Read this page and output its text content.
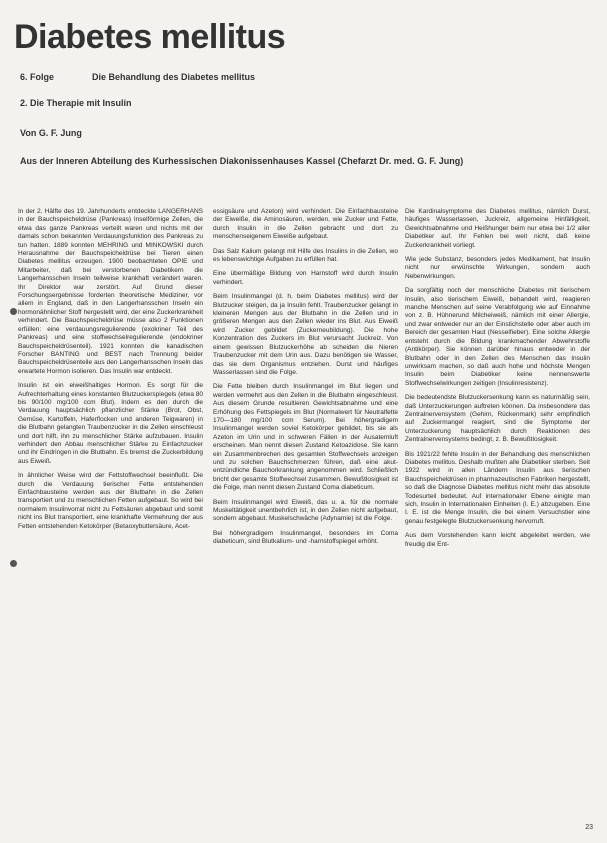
Diabetes mellitus
6. Folge	Die Behandlung des Diabetes mellitus
2. Die Therapie mit Insulin
Von G. F. Jung
Aus der Inneren Abteilung des Kurhessischen Diakonissenhauses Kassel (Chefarzt Dr. med. G. F. Jung)

In der 2. Hälfte des 19. Jahrhunderts entdeckte LANGERHANS in der Bauchspeicheldrüse (Pankreas) Inselförmige Zellen, die etwa das ganze Pankreas verteilt waren und nichts mit der damals schon bekannten Verdauungsfunktion des Pankreas zu tun hatten. 1889 konnten MEHRING und MINKOWSKI durch Herausnahme der Bauchspeicheldrüse bei Tieren einen Diabetes mellitus erzeugen. 1900 beobachteten OPIE und Mitarbeiter, daß bei verstorbenen Diabetikern die Langerhansschen Inseln teilweise krankhaft verändert waren. Ihr Direktor war zerstört. Auf Grund dieser Forschungsergebnisse forderten theoretische Mediziner, vor allem in England, daß in den Langerhansschen Inseln ein hormonähnlicher Stoff hergestellt wird, der eine Zuckerkrankheit verhindert. Die Bauchspeicheldrüse müsse also 2 Funktionen erfüllen: eine verdauungsregulierende (exokriner Teil des Pankreas) und eine stoffwechselregulierende (endokriner Bauchspeicheldrüsenteil). 1921 konnten die kanadischen Forscher BANTING und BEST nach Trennung beider Bauchspeicheldrüsenteile aus den Langerhansschen Inseln das erwartete Hormon isolieren. Das Insulin war entdeckt.

Insulin ist ein eiweißhaltiges Hormon. Es sorgt für die Aufrechterhaltung eines konstanten Blutzuckerspiegels (etwa 80 bis 90/100 mg/100 ccm Blut). Indem es den durch die Verdauung hauptsächlich pflanzlicher Stärke (Brot, Obst, Gemüse, Kartoffeln, Haferflocken und anderen Teigwaren) in die Blutbahn gelangten Traubenzucker in die Zellen einschleust und dort hilft, ihn zu menschlicher Stärke aufzubauen. Insulin verhindert den Abbau menschlicher Stärke zu Einfachzucker und ihr Eindringen in die Blutbahn. Es bremst die Zuckerbildung aus Eiweiß.

In ähnlicher Weise wird der Fettstoffwechsel beeinflußt. Die durch die Verdauung tierischer Fette entstehenden Einfachbausteine werden aus der Blutbahn in die Zellen transportiert und zu menschlichen Fetten aufgebaut. So wird bei normalem Insulinvorrat nicht zu Fettsäuren abgebaut und somit nicht ins Blut transportiert, eine krankhafte Vermehrung der aus Fetten entstehenden Ketokörper (Betaoxybuttersäure, Acet-

essigsäure und Azeton) wird verhindert. Die Einfachbausteine der Eiweiße, die Aminosäuren, werden, wie Zucker und Fette, durch Insulin in die Zellen gebracht und dort zu menschenseigenem Eiweiße aufgebaut.

Das Salz Kalium gelangt mit Hilfe des Insulins in die Zellen, wo es lebenswichtige Aufgaben zu erfüllen hat.

Eine übermäßige Bildung von Harnstoff wird durch Insulin verhindert.

Beim Insulinmangel (d. h. beim Diabetes mellitus) wird der Blutzucker steigen, da ja Insulin fehlt. Traubenzucker gelangt in kleineren Mengen aus der Blutbahn in die Zellen und in größeren Mengen aus den Zellen wieder ins Blut. Aus Eiweiß wird Zucker gebildet (Zuckerneubildung). Die hohe Konzentration des Zuckers im Blut verursacht Juckreiz. Von einem gewissen Blutzuckerhöhe ab scheiden die Nieren Traubenzucker mit dem Urin aus. Dazu benötigen sie Wasser, das sie dem Organismus entziehen. Durst und häufiges Wasserlassen sind die Folge.

Die Fette bleiben durch Insulinmangel im Blut liegen und werden vermehrt aus den Zellen in die Blutbahn eingeschleust. Aus diesem Grunde resultieren Gewichtsabnahme und eine Erhöhung des Fettspiegels im Blut (Normalwert für Neutralfette 170—180 mg/100 ccm Serum). Bei höhergradigem Insulinmangel werden soviel Ketokörper gebildet, bis sie als Azeton im Urin und in schweren Fällen in der Ausatemluft erscheinen. Man nennt diesen Zustand Ketoazidose. Sie kann ein Zusammenbrechen des gesamten Stoffwechsels anzeigen und zu solchen Bauchschmerzen führen, daß eine akut-entzündliche Bauchorkrankung angenommen wird. Schließlich bricht der gesamte Stoffwechsel zusammen. Bewußtlosigkeit ist die Folge, man nennt diesen Zustand Coma diabeticum.

Beim Insulinmangel wird Eiweiß, das u. a. für die normale Muskeltätigkeit unentbehrlich ist, in den Zellen nicht aufgebaut, sondern abgebaut. Muskelschwäche (Adynamie) ist die Folge.

Bei höhergradigem Insulinmangel, besonders im Coma diabeticum, sind Blutkalium- und -harnstoffspiegel erhöht.

Die Kardinalsymptome des Diabetes mellitus, nämlich Durst, häufiges Wasserlassen, Juckreiz, allgemeine Hinfälligkeit, Gewichtsabnahme und Heißhunger beim nur etwa bei 1/2 aller Diabetiker auf. Ihr Fehlen bei weit nicht, daß keine Zuckerkrankheit vorliegt.

Wie jede Substanz, besonders jedes Medikament, hat Insulin nicht nur erwünschte Wirkungen, sondern auch Nebenwirkungen.

Da sorgfältig noch der menschliche Diabetes mit tierischem Insulin, also tierischem Eiweiß, behandelt wird, reagieren manche Menschen auf seine Verabfolgung wie auf Einnahme von z. B. Hühnerund Milcheiweiß, nämlich mit einer Allergie, und zwar entweder nur an der Einstichstelle oder aber auch im Bereich der gesamten Haut (Nesselfieber). Eine solche Allergie entsteht durch die Bildung krankmachender Abwehrstoffe (Antikörper). Sie können darüber hinaus entweder in der Blutbahn oder in den Zellen des Menschen das Insulin unwirksam machen, so daß auch hohe und höchste Mengen Insulin beim Diabetiker keine nennenswerte Stoffwechselwirkungen zeitigen (Insulinresistenz).

Die bedeutendste Blutzuckersenkung kann es naturmäßig sein, daß Unterzuckerungen auftreten können. Da insbesondere das Zentralnervensystem (Gehirn, Rückenmark) sehr empfindlich auf Zuckermangel reagiert, sind die Symptome der Unterzuckerung hauptsächlich durch Reaktionen des Zentralnervensystems bedingt, z. B. Bewußtlosigkeit.

Bis 1921/22 fehlte Insulin in der Behandlung des menschlichen Diabetes mellitus. Deshalb mußten alle Diabetiker sterben. Seit 1922 wird in allen Ländern Insulin aus tierischen Bauchspeicheldrüsen in pharmazeutischen Fabriken hergestellt, so daß die Diagnose Diabetes mellitus nicht mehr das absolute Todesurteil bedeutet. Auf internationaler Ebene einigte man sich, Insulin in Internationalen Einheiten (I. E.) abzugeben. Eine I. E. ist die Menge Insulin, die bei einem Versuchstier eine genau festgelegte Blutzuckersenkung hervorruft.

Aus dem Vorstehenden kann leicht abgeleitet werden, wie freudig die Ent-

23
